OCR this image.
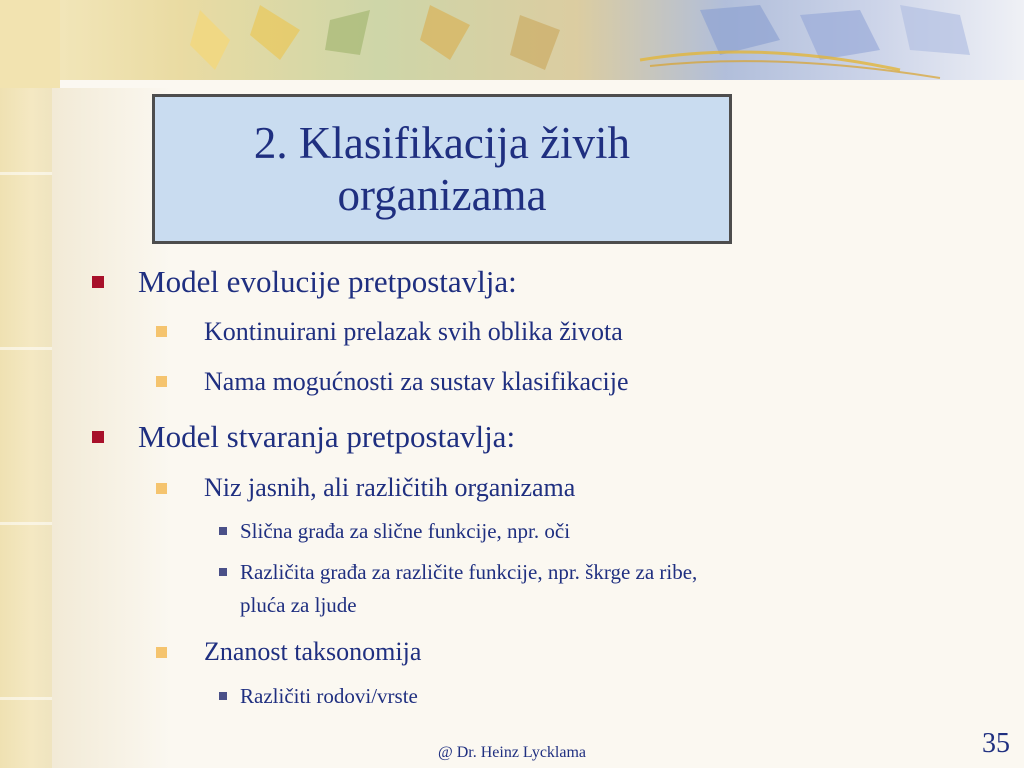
2. Klasifikacija živih
organizama
Model evolucije pretpostavlja:
Kontinuirani prelazak svih oblika života
Nama mogućnosti za sustav klasifikacije
Model stvaranja pretpostavlja:
Niz jasnih, ali različitih organizama
Slična građa za slične funkcije, npr. oči
Različita građa za različite funkcije, npr. škrge za ribe,
pluća za ljude
Znanost taksonomija
Različiti rodovi/vrste
@ Dr. Heinz Lycklama	35
